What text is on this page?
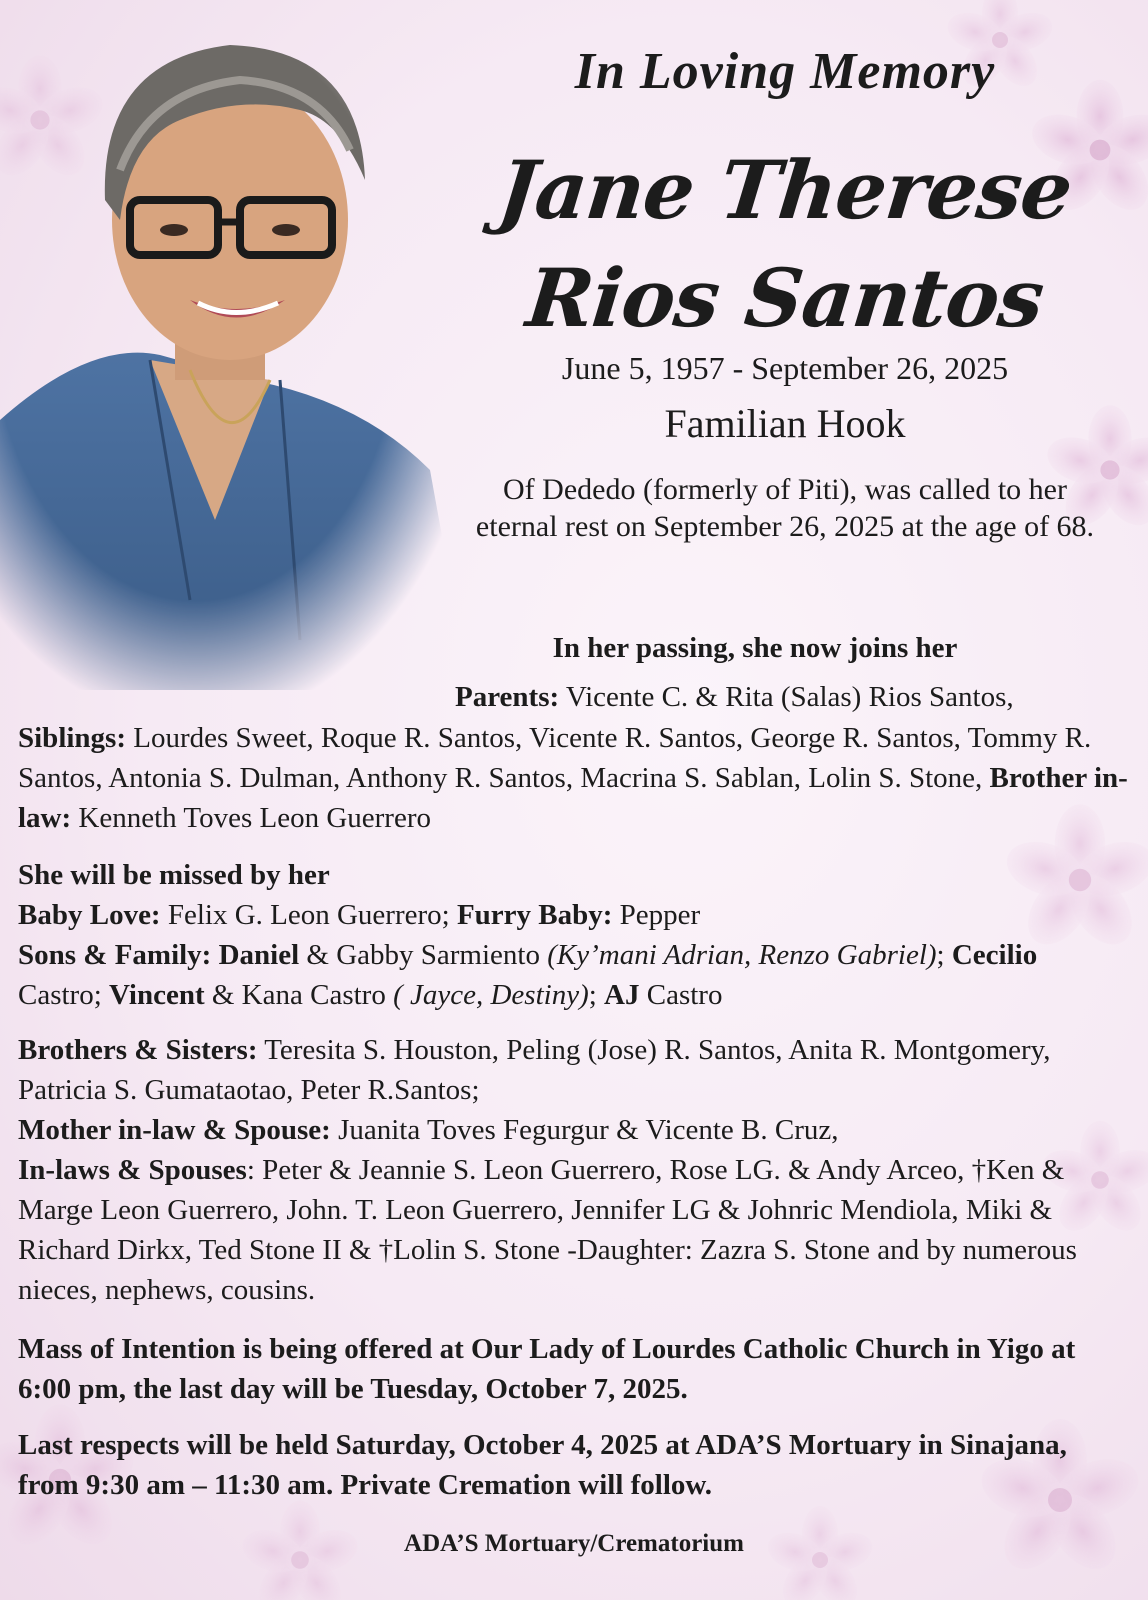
In Loving Memory
Jane Therese
Rios Santos
June 5, 1957 - September 26, 2025
Familian Hook
Of Dededo (formerly of Piti), was called to her eternal rest on September 26, 2025 at the age of 68.
In her passing, she now joins her
Parents: Vicente C. & Rita (Salas) Rios Santos,
Siblings: Lourdes Sweet, Roque R. Santos, Vicente R. Santos, George R. Santos, Tommy R. Santos, Antonia S. Dulman, Anthony R. Santos, Macrina S. Sablan, Lolin S. Stone, Brother in-law: Kenneth Toves Leon Guerrero

She will be missed by her

Baby Love: Felix G. Leon Guerrero; Furry Baby: Pepper

Sons & Family: Daniel & Gabby Sarmiento (Ky’mani Adrian, Renzo Gabriel); Cecilio Castro; Vincent & Kana Castro ( Jayce, Destiny); AJ Castro

Brothers & Sisters: Teresita S. Houston, Peling (Jose) R. Santos, Anita R. Montgomery, Patricia S. Gumataotao, Peter R.Santos;

Mother in-law & Spouse: Juanita Toves Fegurgur & Vicente B. Cruz,

In-laws & Spouses: Peter & Jeannie S. Leon Guerrero, Rose LG. & Andy Arceo, †Ken & Marge Leon Guerrero, John. T. Leon Guerrero, Jennifer LG & Johnric Mendiola, Miki & Richard Dirkx, Ted Stone II & †Lolin S. Stone -Daughter: Zazra S. Stone and by numerous nieces, nephews, cousins.

Mass of Intention is being offered at Our Lady of Lourdes Catholic Church in Yigo at 6:00 pm, the last day will be Tuesday, October 7, 2025.
Last respects will be held Saturday, October 4, 2025 at ADA’S Mortuary in Sinajana, from 9:30 am – 11:30 am. Private Cremation will follow.
ADA’S Mortuary/Crematorium
